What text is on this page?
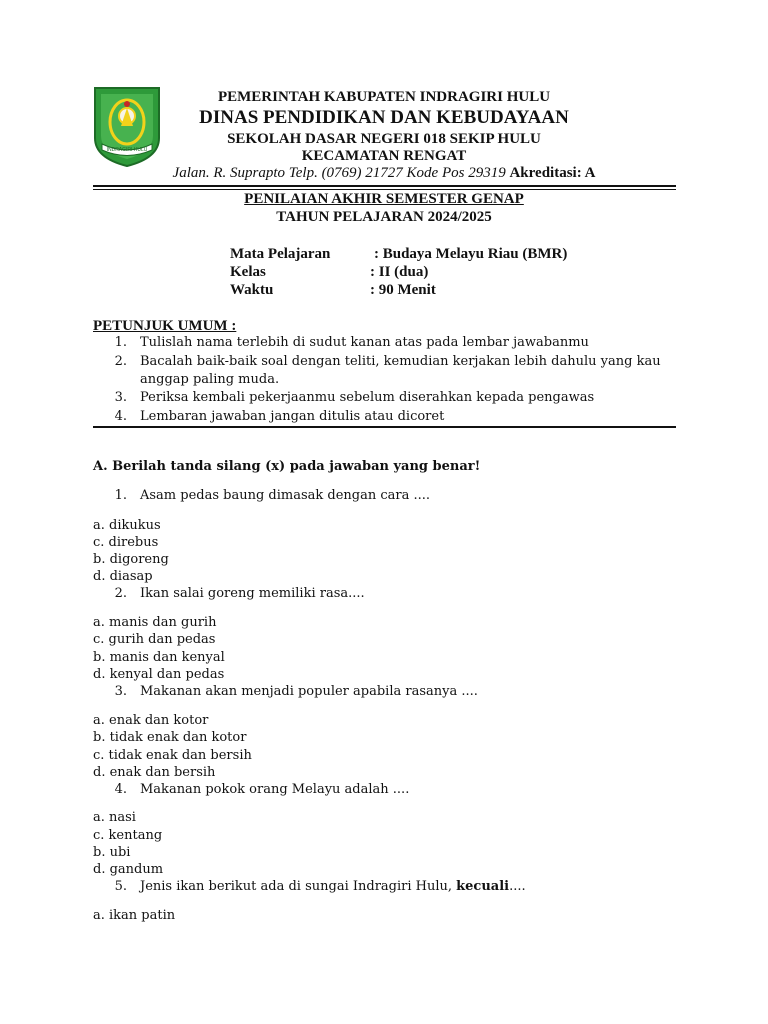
INDRAGIRI HULU
PEMERINTAH KABUPATEN INDRAGIRI HULU
DINAS PENDIDIKAN DAN KEBUDAYAAN
SEKOLAH DASAR NEGERI 018 SEKIP HULU
KECAMATAN RENGAT
Jalan. R. Suprapto Telp. (0769) 21727 Kode Pos 29319 Akreditasi: A
PENILAIAN AKHIR SEMESTER GENAP
TAHUN PELAJARAN 2024/2025
Mata Pelajaran	: Budaya Melayu Riau (BMR)
Kelas	: II (dua)
Waktu	: 90 Menit
PETUNJUK UMUM :
1. Tulislah nama terlebih di sudut kanan atas pada lembar jawabanmu
2. Bacalah baik-baik soal dengan teliti, kemudian kerjakan lebih dahulu yang kau
anggap paling muda.
3. Periksa kembali pekerjaanmu sebelum diserahkan kepada pengawas
4. Lembaran jawaban jangan ditulis atau dicoret
A. Berilah tanda silang (x) pada jawaban yang benar!
1. Asam pedas baung dimasak dengan cara ....
a. dikukus
c. direbus
b. digoreng
d. diasap
2. Ikan salai goreng memiliki rasa....
a. manis dan gurih
c. gurih dan pedas
b. manis dan kenyal
d. kenyal dan pedas
3. Makanan akan menjadi populer apabila rasanya ....
a. enak dan kotor
b. tidak enak dan kotor
c. tidak enak dan bersih
d. enak dan bersih
4. Makanan pokok orang Melayu adalah ....
a. nasi
c. kentang
b. ubi
d. gandum
5. Jenis ikan berikut ada di sungai Indragiri Hulu, kecuali....
a. ikan patin
